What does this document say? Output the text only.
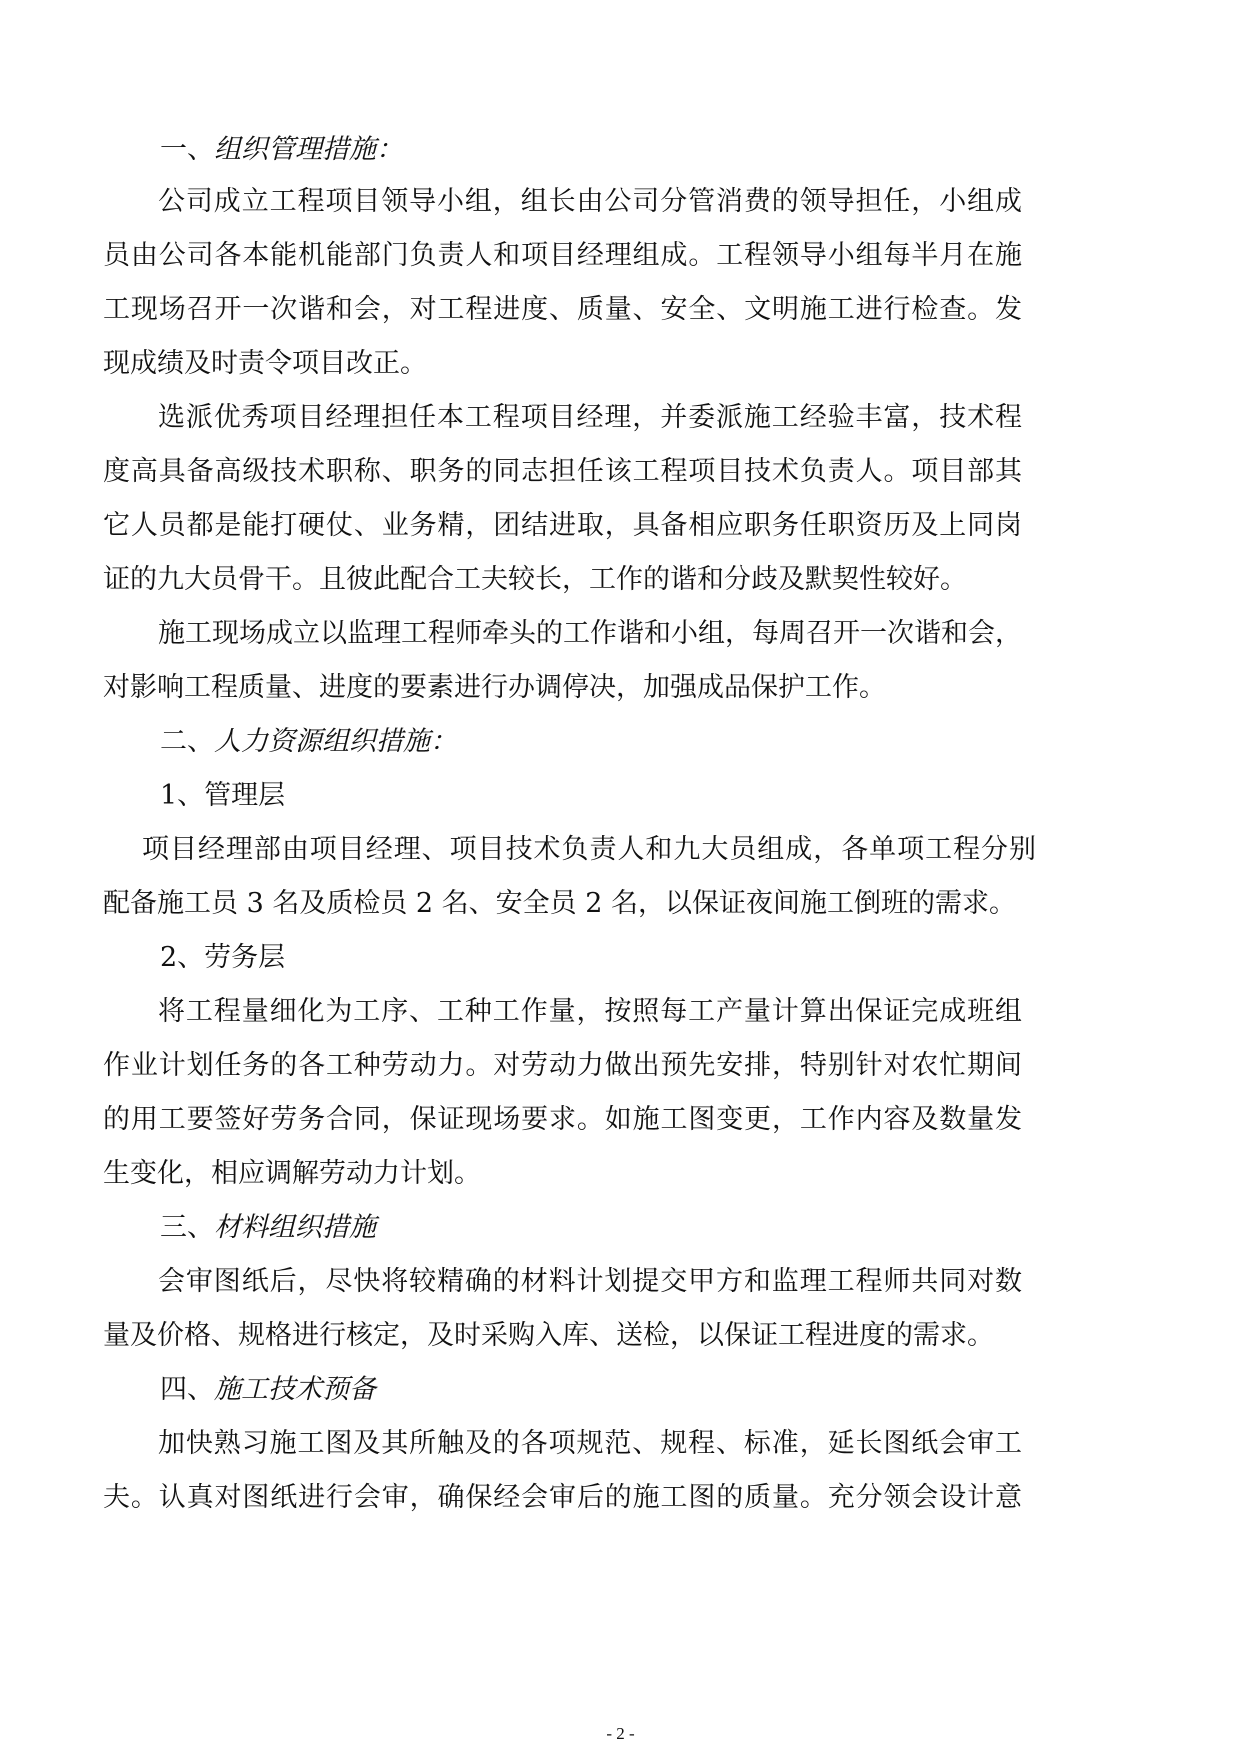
一、组织管理措施：
公司成立工程项目领导小组，组长由公司分管消费的领导担任，小组成
员由公司各本能机能部门负责人和项目经理组成。工程领导小组每半月在施
工现场召开一次谐和会，对工程进度、质量、安全、文明施工进行检查。发
现成绩及时责令项目改正。
选派优秀项目经理担任本工程项目经理，并委派施工经验丰富，技术程
度高具备高级技术职称、职务的同志担任该工程项目技术负责人。项目部其
它人员都是能打硬仗、业务精，团结进取，具备相应职务任职资历及上同岗
证的九大员骨干。且彼此配合工夫较长，工作的谐和分歧及默契性较好。
施工现场成立以监理工程师牵头的工作谐和小组，每周召开一次谐和会，
对影响工程质量、进度的要素进行办调停决，加强成品保护工作。
二、人力资源组织措施：
1、管理层
项目经理部由项目经理、项目技术负责人和九大员组成，各单项工程分别
配备施工员 3 名及质检员 2 名、安全员 2 名，以保证夜间施工倒班的需求。
2、劳务层
将工程量细化为工序、工种工作量，按照每工产量计算出保证完成班组
作业计划任务的各工种劳动力。对劳动力做出预先安排，特别针对农忙期间
的用工要签好劳务合同，保证现场要求。如施工图变更，工作内容及数量发
生变化，相应调解劳动力计划。
三、材料组织措施
会审图纸后，尽快将较精确的材料计划提交甲方和监理工程师共同对数
量及价格、规格进行核定，及时采购入库、送检，以保证工程进度的需求。
四、施工技术预备
加快熟习施工图及其所触及的各项规范、规程、标准，延长图纸会审工
夫。认真对图纸进行会审，确保经会审后的施工图的质量。充分领会设计意
- 2 -
